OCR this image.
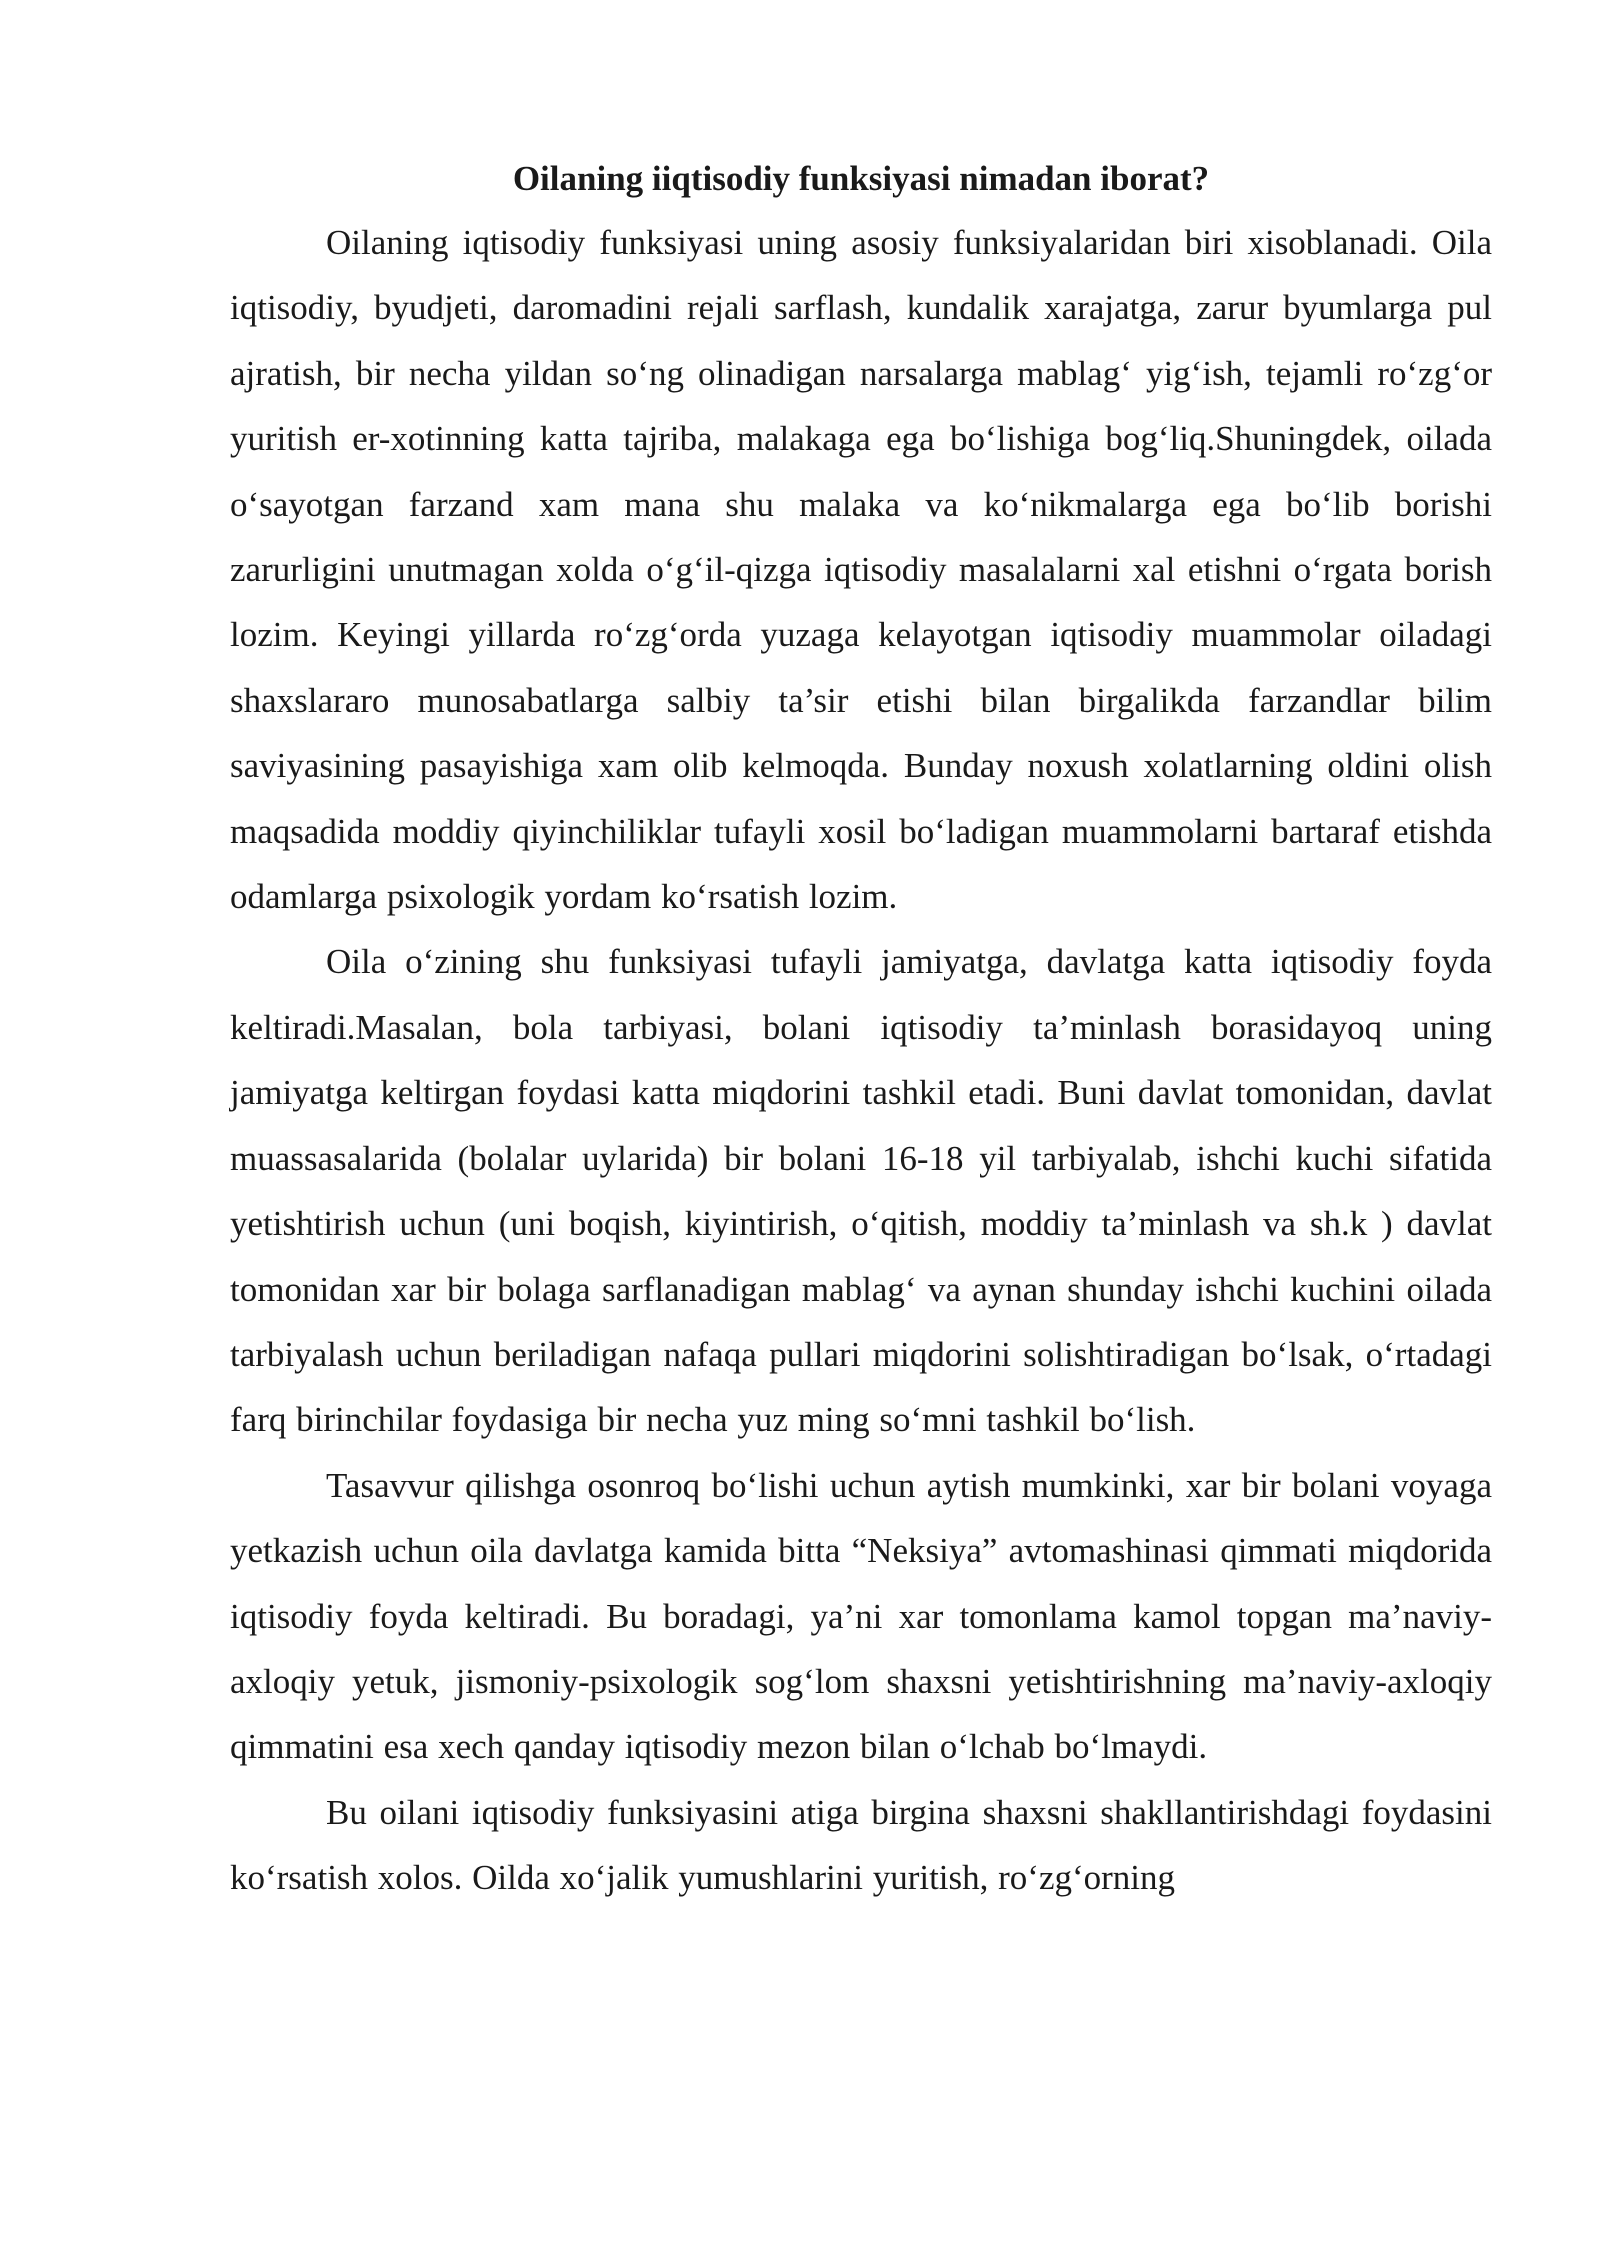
Oilaning iiqtisodiy funksiyasi nimadan iborat?

Oilaning iqtisodiy funksiyasi uning asosiy funksiyalaridan biri xisoblanadi. Oila iqtisodiy, byudjeti, daromadini rejali sarflash, kundalik xarajatga, zarur byumlarga pul ajratish, bir necha yildan so‘ng olinadigan narsalarga mablag‘ yig‘ish, tejamli ro‘zg‘or yuritish er-xotinning katta tajriba, malakaga ega bo‘lishiga bog‘liq.Shuningdek, oilada o‘sayotgan farzand xam mana shu malaka va ko‘nikmalarga ega bo‘lib borishi zarurligini unutmagan xolda o‘g‘il-qizga iqtisodiy masalalarni xal etishni o‘rgata borish lozim. Keyingi yillarda ro‘zg‘orda yuzaga kelayotgan iqtisodiy muammolar oiladagi shaxslararo munosabatlarga salbiy ta’sir etishi bilan birgalikda farzandlar bilim saviyasining pasayishiga xam olib kelmoqda. Bunday noxush xolatlarning oldini olish maqsadida moddiy qiyinchiliklar tufayli xosil bo‘ladigan muammolarni bartaraf etishda odamlarga psixologik yordam ko‘rsatish lozim.

Oila o‘zining shu funksiyasi tufayli jamiyatga, davlatga katta iqtisodiy foyda keltiradi.Masalan, bola tarbiyasi, bolani iqtisodiy ta’minlash borasidayoq uning jamiyatga keltirgan foydasi katta miqdorini tashkil etadi. Buni davlat tomonidan, davlat muassasalarida (bolalar uylarida) bir bolani 16-18 yil tarbiyalab, ishchi kuchi sifatida yetishtirish uchun (uni boqish, kiyintirish, o‘qitish, moddiy ta’minlash va sh.k ) davlat tomonidan xar bir bolaga sarflanadigan mablag‘ va aynan shunday ishchi kuchini oilada tarbiyalash uchun beriladigan nafaqa pullari miqdorini solishtiradigan bo‘lsak, o‘rtadagi farq birinchilar foydasiga bir necha yuz ming so‘mni tashkil bo‘lish.

Tasavvur qilishga osonroq bo‘lishi uchun aytish mumkinki, xar bir bolani voyaga yetkazish uchun oila davlatga kamida bitta “Neksiya” avtomashinasi qimmati miqdorida iqtisodiy foyda keltiradi. Bu boradagi, ya’ni xar tomonlama kamol topgan ma’naviy-axloqiy yetuk, jismoniy-psixologik sog‘lom shaxsni yetishtirishning ma’naviy-axloqiy qimmatini esa xech qanday iqtisodiy mezon bilan o‘lchab bo‘lmaydi.

Bu oilani iqtisodiy funksiyasini atiga birgina shaxsni shakllantirishdagi foydasini ko‘rsatish xolos. Oilda xo‘jalik yumushlarini yuritish, ro‘zg‘orning
